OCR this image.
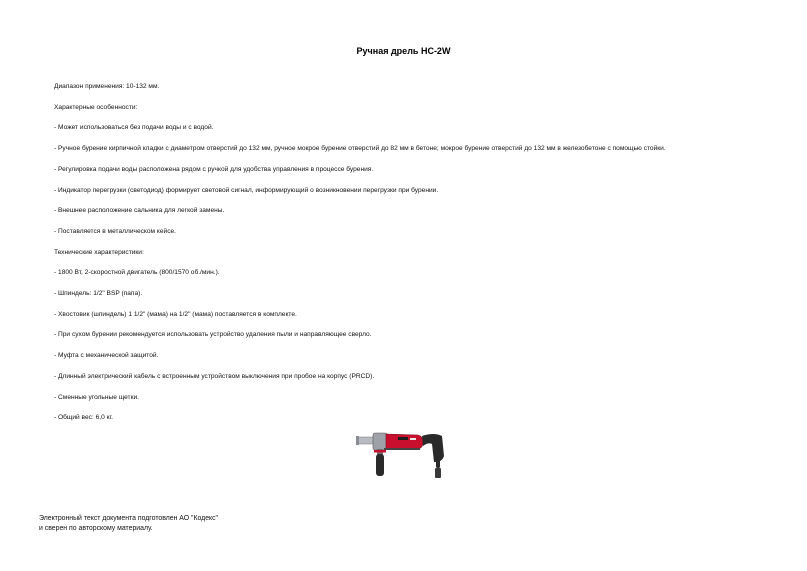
Ручная дрель НС-2W

Диапазон применения: 10-132 мм.

Характерные особенности:

- Может использоваться без подачи воды и с водой.

- Ручное бурение кирпичной кладки с диаметром отверстий до 132 мм, ручное мокрое бурение отверстий до 82 мм в бетоне; мокрое бурение отверстий до 132 мм в железобетоне с помощью стойки.

- Регулировка подачи воды расположена рядом с ручкой для удобства управления в процессе бурения.

- Индикатор перегрузки (светодиод) формирует световой сигнал, информирующий о возникновении перегрузки при бурении.

- Внешнее расположение сальника для легкой замены.

- Поставляется в металлическом кейсе.

Технические характеристики:

- 1800 Вт, 2-скоростной двигатель (800/1570 об./мин.).

- Шпиндель: 1/2" BSP (папа).

- Хвостовик (шпиндель) 1 1/2" (мама) на 1/2" (мама) поставляется в комплекте.

- При сухом бурении рекомендуется использовать устройство удаления пыли и направляющее сверло.

- Муфта с механической защитой.

- Длинный электрический кабель с встроенным устройством выключения при пробое на корпус (PRCD).

- Сменные угольные щетки.

- Общий вес: 6,0 кг.

Электронный текст документа подготовлен АО "Кодекс"

и сверен по авторскому материалу.
